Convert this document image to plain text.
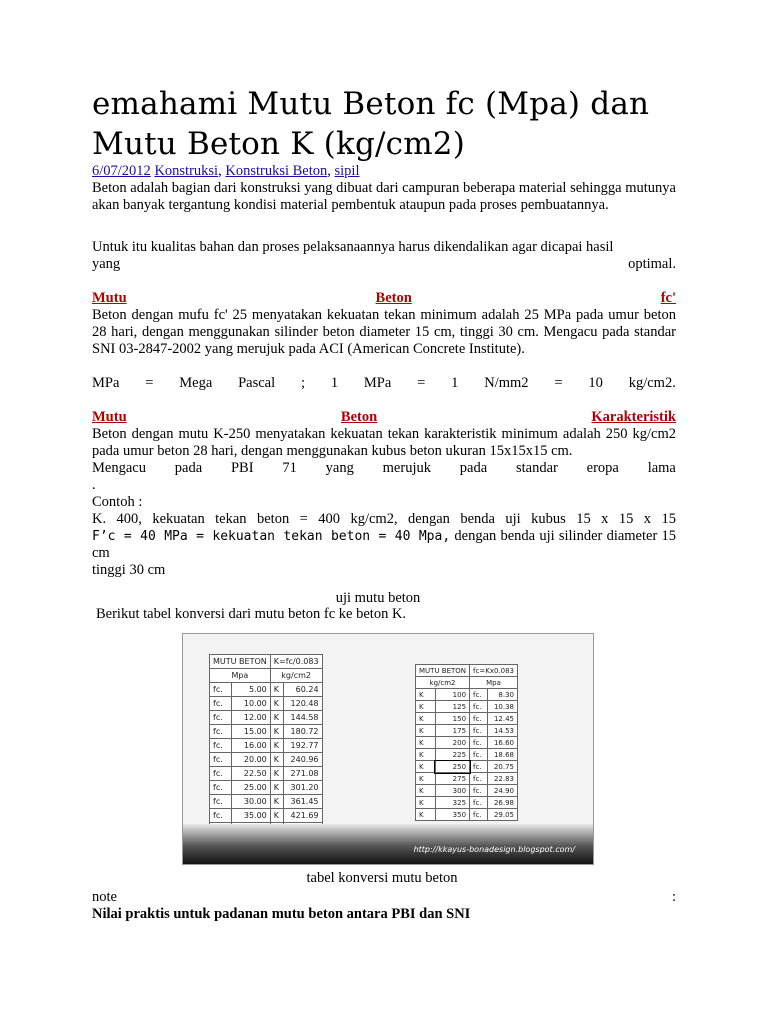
emahami Mutu Beton fc (Mpa) dan Mutu Beton K (kg/cm2)
6/07/2012 Konstruksi, Konstruksi Beton, sipil
Beton adalah bagian dari konstruksi yang dibuat dari campuran beberapa material sehingga mutunya akan banyak tergantung kondisi material pembentuk ataupun pada proses pembuatannya.
Untuk itu kualitas bahan dan proses pelaksanaannya harus dikendalikan agar dicapai hasil
yang	optimal.
Mutu	Beton	fc'
Beton dengan mufu fc' 25 menyatakan kekuatan tekan minimum adalah 25 MPa pada umur beton 28 hari, dengan menggunakan silinder beton diameter 15 cm, tinggi 30 cm. Mengacu pada standar SNI 03-2847-2002 yang merujuk pada ACI (American Concrete Institute).
MPa = Mega Pascal ; 1 MPa = 1 N/mm2 = 10 kg/cm2.
Mutu	Beton	Karakteristik
Beton dengan mutu K-250 menyatakan kekuatan tekan karakteristik minimum adalah 250 kg/cm2 pada umur beton 28 hari, dengan menggunakan kubus beton ukuran 15x15x15 cm.
Mengacu pada PBI 71 yang merujuk pada standar eropa lama
.
Contoh :
K. 400, kekuatan tekan beton = 400 kg/cm2, dengan benda uji kubus 15 x 15 x 15
F’c = 40 MPa = kekuatan tekan beton = 40 Mpa, dengan benda uji silinder diameter 15 cm
tinggi 30 cm
uji mutu beton
Berikut tabel konversi dari mutu beton fc ke beton K.
MUTU BETON		K=fc/0.083	
Mpa		kg/cm2	
fc.	5.00	K	60.24
fc.	10.00	K	120.48
fc.	12.00	K	144.58
fc.	15.00	K	180.72
fc.	16.00	K	192.77
fc.	20.00	K	240.96
fc.	22.50	K	271.08
fc.	25.00	K	301.20
fc.	30.00	K	361.45
fc.	35.00	K	421.69

MUTU BETON		fc=Kx0.083	
kg/cm2		Mpa	
K	100	fc.	8.30
K	125	fc.	10.38
K	150	fc.	12.45
K	175	fc.	14.53
K	200	fc.	16.60
K	225	fc.	18.68
K	250	fc.	20.75
K	275	fc.	22.83
K	300	fc.	24.90
K	325	fc.	26.98
K	350	fc.	29.05
http://kkayus-bonadesign.blogspot.com/
tabel konversi mutu beton
note	:
Nilai praktis untuk padanan mutu beton antara PBI dan SNI
